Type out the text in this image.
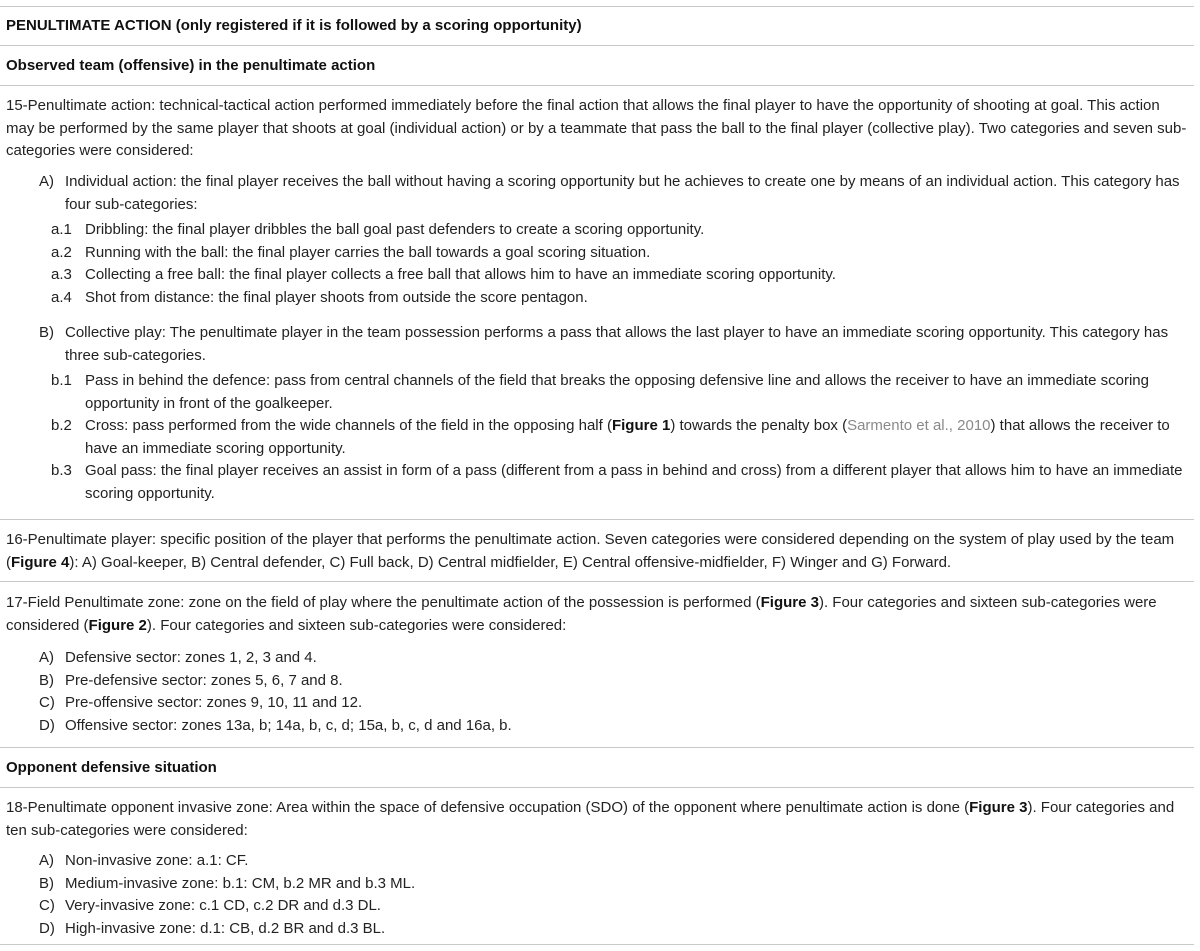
PENULTIMATE ACTION (only registered if it is followed by a scoring opportunity)
Observed team (offensive) in the penultimate action
15-Penultimate action: technical-tactical action performed immediately before the final action that allows the final player to have the opportunity of shooting at goal. This action may be performed by the same player that shoots at goal (individual action) or by a teammate that pass the ball to the final player (collective play). Two categories and seven sub-categories were considered:
A) Individual action: the final player receives the ball without having a scoring opportunity but he achieves to create one by means of an individual action. This category has four sub-categories:
a.1 Dribbling: the final player dribbles the ball goal past defenders to create a scoring opportunity.
a.2 Running with the ball: the final player carries the ball towards a goal scoring situation.
a.3 Collecting a free ball: the final player collects a free ball that allows him to have an immediate scoring opportunity.
a.4 Shot from distance: the final player shoots from outside the score pentagon.
B) Collective play: The penultimate player in the team possession performs a pass that allows the last player to have an immediate scoring opportunity. This category has three sub-categories.
b.1 Pass in behind the defence: pass from central channels of the field that breaks the opposing defensive line and allows the receiver to have an immediate scoring opportunity in front of the goalkeeper.
b.2 Cross: pass performed from the wide channels of the field in the opposing half (Figure 1) towards the penalty box (Sarmento et al., 2010) that allows the receiver to have an immediate scoring opportunity.
b.3 Goal pass: the final player receives an assist in form of a pass (different from a pass in behind and cross) from a different player that allows him to have an immediate scoring opportunity.
16-Penultimate player: specific position of the player that performs the penultimate action. Seven categories were considered depending on the system of play used by the team (Figure 4): A) Goal-keeper, B) Central defender, C) Full back, D) Central midfielder, E) Central offensive-midfielder, F) Winger and G) Forward.
17-Field Penultimate zone: zone on the field of play where the penultimate action of the possession is performed (Figure 3). Four categories and sixteen sub-categories were considered (Figure 2). Four categories and sixteen sub-categories were considered:
A) Defensive sector: zones 1, 2, 3 and 4.
B) Pre-defensive sector: zones 5, 6, 7 and 8.
C) Pre-offensive sector: zones 9, 10, 11 and 12.
D) Offensive sector: zones 13a, b; 14a, b, c, d; 15a, b, c, d and 16a, b.
Opponent defensive situation
18-Penultimate opponent invasive zone: Area within the space of defensive occupation (SDO) of the opponent where penultimate action is done (Figure 3). Four categories and ten sub-categories were considered:
A) Non-invasive zone: a.1: CF.
B) Medium-invasive zone: b.1: CM, b.2 MR and b.3 ML.
C) Very-invasive zone: c.1 CD, c.2 DR and d.3 DL.
D) High-invasive zone: d.1: CB, d.2 BR and d.3 BL.
